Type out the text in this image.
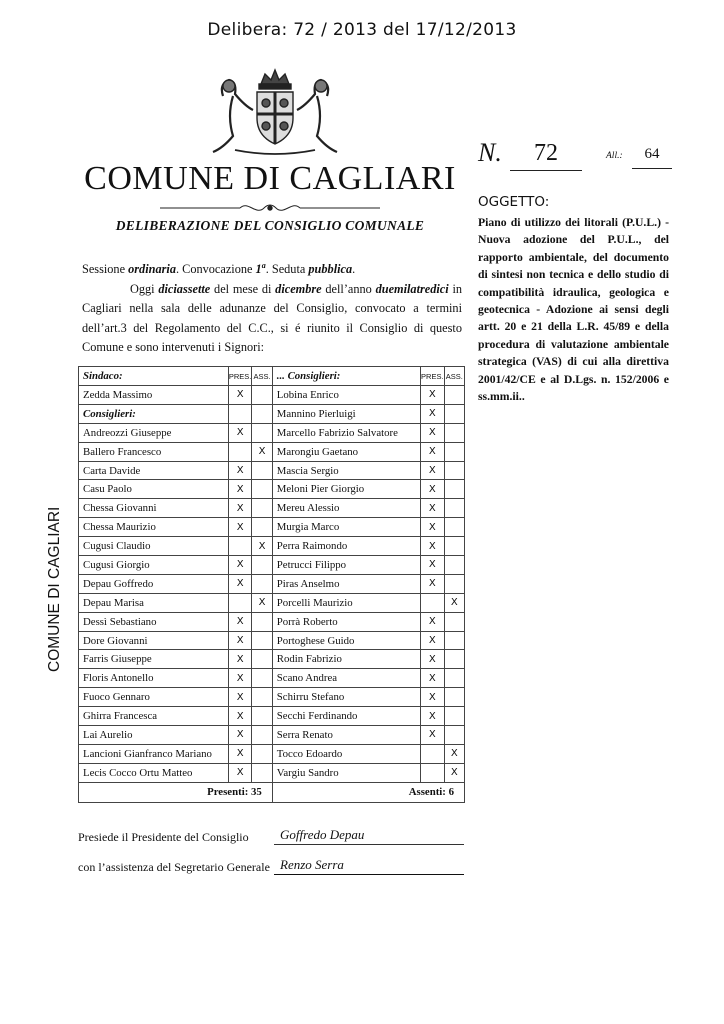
Delibera: 72 / 2013 del 17/12/2013
COMUNE DI CAGLIARI
DELIBERAZIONE DEL CONSIGLIO COMUNALE
COMUNE DI CAGLIARI

Sessione ordinaria. Convocazione 1$^a$. Seduta pubblica.

Oggi diciassette del mese di dicembre dell’anno duemilatredici in Cagliari nella sala delle adunanze del Consiglio, convocato a termini dell’art.3 del Regolamento del C.C., si é riunito il Consiglio di questo Comune e sono intervenuti i Signori:

Sindaco:	PRES.	ASS.	... Consiglieri:	PRES.	ASS.
Zedda Massimo	X		Lobina Enrico	X	
Consiglieri:			Mannino Pierluigi	X	
Andreozzi Giuseppe	X		Marcello Fabrizio Salvatore	X	
Ballero Francesco		X	Marongiu Gaetano	X	
Carta Davide	X		Mascia Sergio	X	
Casu Paolo	X		Meloni Pier Giorgio	X	
Chessa Giovanni	X		Mereu Alessio	X	
Chessa Maurizio	X		Murgia Marco	X	
Cugusi Claudio		X	Perra Raimondo	X	
Cugusi Giorgio	X		Petrucci Filippo	X	
Depau Goffredo	X		Piras Anselmo	X	
Depau Marisa		X	Porcelli Maurizio		X
Dessì Sebastiano	X		Porrà Roberto	X	
Dore Giovanni	X		Portoghese Guido	X	
Farris Giuseppe	X		Rodin Fabrizio	X	
Floris Antonello	X		Scano Andrea	X	
Fuoco Gennaro	X		Schirru Stefano	X	
Ghirra Francesca	X		Secchi Ferdinando	X	
Lai Aurelio	X		Serra Renato	X	
Lancioni Gianfranco Mariano	X		Tocco Edoardo		X
Lecis Cocco Ortu Matteo	X		Vargiu Sandro		X
Presenti: 35			Assenti: 6		
N.	72	All.:	64
OGGETTO:
Piano di utilizzo dei litorali (P.U.L.) - Nuova adozione del P.U.L., del rapporto ambientale, del documento di sintesi non tecnica e dello studio di compatibilità idraulica, geologica e geotecnica - Adozione ai sensi degli artt. 20 e 21 della L.R. 45/89 e della procedura di valutazione ambientale strategica (VAS) di cui alla direttiva 2001/42/CE e al D.Lgs. n. 152/2006 e ss.mm.ii..
Presiede il Presidente del Consiglio	Goffredo Depau
con l’assistenza del Segretario Generale Renzo Serra
